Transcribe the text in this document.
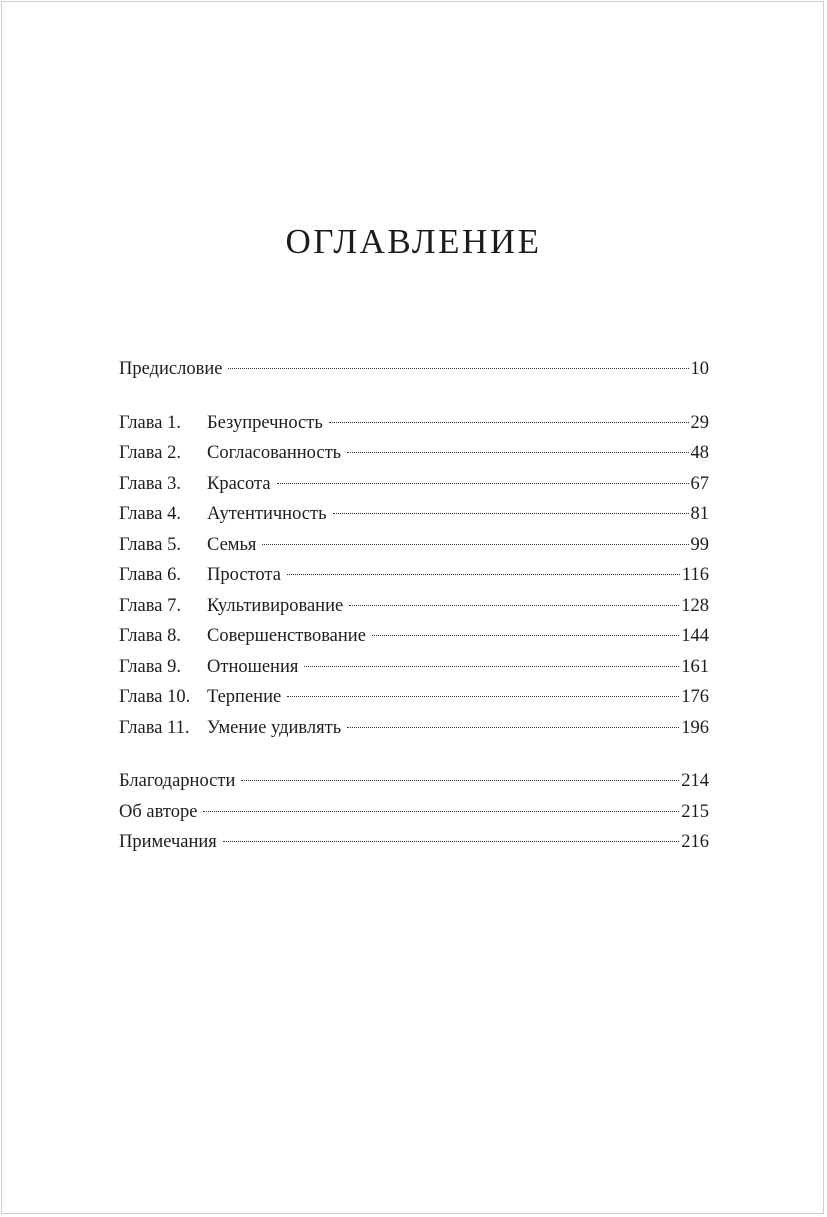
ОГЛАВЛЕНИЕ
Предисловие	10
Глава 1.	Безупречность	29
Глава 2.	Согласованность	48
Глава 3.	Красота	67
Глава 4.	Аутентичность	81
Глава 5.	Семья	99
Глава 6.	Простота	116
Глава 7.	Культивирование	128
Глава 8.	Совершенствование	144
Глава 9.	Отношения	161
Глава 10. Терпение	176
Глава 11. Умение удивлять	196
Благодарности	214
Об авторе	215
Примечания	216
